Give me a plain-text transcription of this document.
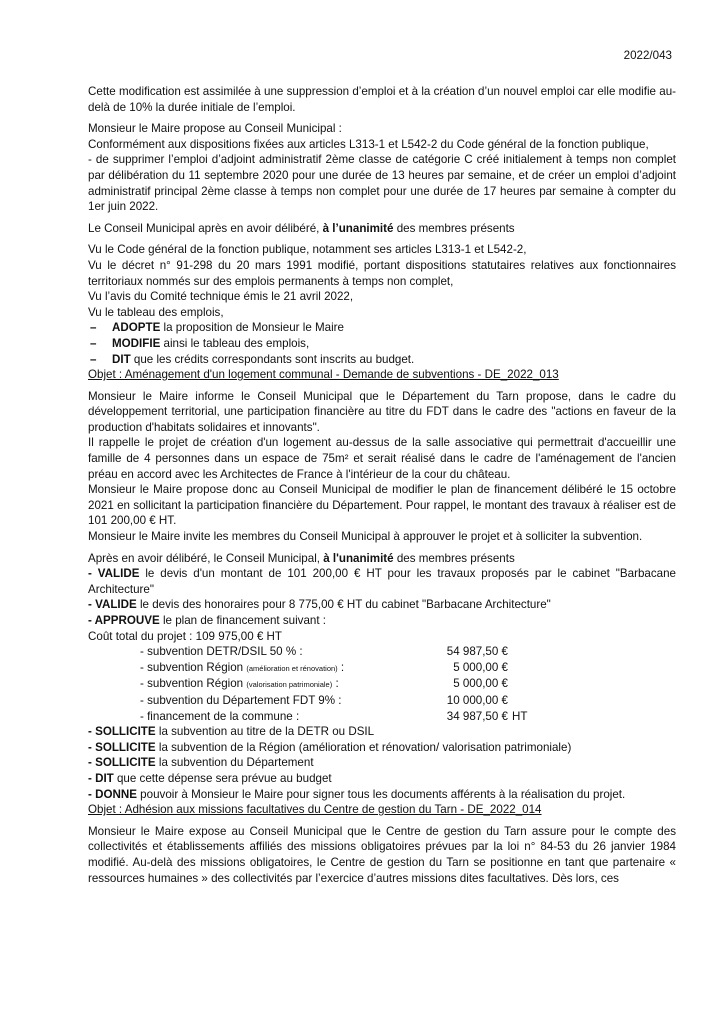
2022/043

Cette modification est assimilée à une suppression d’emploi et à la création d’un nouvel emploi car elle modifie au-delà de 10% la durée initiale de l’emploi.

Monsieur le Maire propose au Conseil Municipal :

Conformément aux dispositions fixées aux articles L313-1 et L542-2 du Code général de la fonction publique,

- de supprimer l’emploi d’adjoint administratif 2ème classe de catégorie C créé initialement à temps non complet par délibération du 11 septembre 2020 pour une durée de 13 heures par semaine, et de créer un emploi d’adjoint administratif principal 2ème classe à temps non complet pour une durée de 17 heures par semaine à compter du 1er juin 2022.

Le Conseil Municipal après en avoir délibéré, à l’unanimité des membres présents

Vu le Code général de la fonction publique, notamment ses articles L313-1 et L542-2,

Vu le décret n° 91-298 du 20 mars 1991 modifié, portant dispositions statutaires relatives aux fonctionnaires territoriaux nommés sur des emplois permanents à temps non complet,

Vu l’avis du Comité technique émis le 21 avril 2022,

Vu le tableau des emplois,

–	ADOPTE la proposition de Monsieur le Maire
–	MODIFIE ainsi le tableau des emplois,
–	DIT que les crédits correspondants sont inscrits au budget.

Objet : Aménagement d'un logement communal - Demande de subventions - DE_2022_013

Monsieur le Maire informe le Conseil Municipal que le Département du Tarn propose, dans le cadre du développement territorial, une participation financière au titre du FDT dans le cadre des "actions en faveur de la production d'habitats solidaires et innovants".

Il rappelle le projet de création d'un logement au-dessus de la salle associative qui permettrait d'accueillir une famille de 4 personnes dans un espace de 75m² et serait réalisé dans le cadre de l'aménagement de l'ancien préau en accord avec les Architectes de France à l'intérieur de la cour du château.

Monsieur le Maire propose donc au Conseil Municipal de modifier le plan de financement délibéré le 15 octobre 2021 en sollicitant la participation financière du Département. Pour rappel, le montant des travaux à réaliser est de 101 200,00 € HT.

Monsieur le Maire invite les membres du Conseil Municipal à approuver le projet et à solliciter la subvention.

Après en avoir délibéré, le Conseil Municipal, à l'unanimité des membres présents

- VALIDE le devis d'un montant de 101 200,00 € HT pour les travaux proposés par le cabinet "Barbacane Architecture"

- VALIDE le devis des honoraires pour 8 775,00 € HT du cabinet "Barbacane Architecture"

- APPROUVE le plan de financement suivant :

Coût total du projet : 109 975,00 € HT

- subvention DETR/DSIL 50 % :	54 987,50 €
- subvention Région (amélioration et rénovation) :	5 000,00 €
- subvention Région (valorisation patrimoniale) :	5 000,00 €
- subvention du Département FDT 9% :	10 000,00 €
- financement de la commune :	34 987,50 € HT

- SOLLICITE la subvention au titre de la DETR ou DSIL

- SOLLICITE la subvention de la Région (amélioration et rénovation/ valorisation patrimoniale)

- SOLLICITE la subvention du Département

- DIT que cette dépense sera prévue au budget

- DONNE pouvoir à Monsieur le Maire pour signer tous les documents afférents à la réalisation du projet.

Objet : Adhésion aux missions facultatives du Centre de gestion du Tarn - DE_2022_014

Monsieur le Maire expose au Conseil Municipal que le Centre de gestion du Tarn assure pour le compte des collectivités et établissements affiliés des missions obligatoires prévues par la loi n° 84-53 du 26 janvier 1984 modifié. Au-delà des missions obligatoires, le Centre de gestion du Tarn se positionne en tant que partenaire « ressources humaines » des collectivités par l’exercice d’autres missions dites facultatives. Dès lors, ces
